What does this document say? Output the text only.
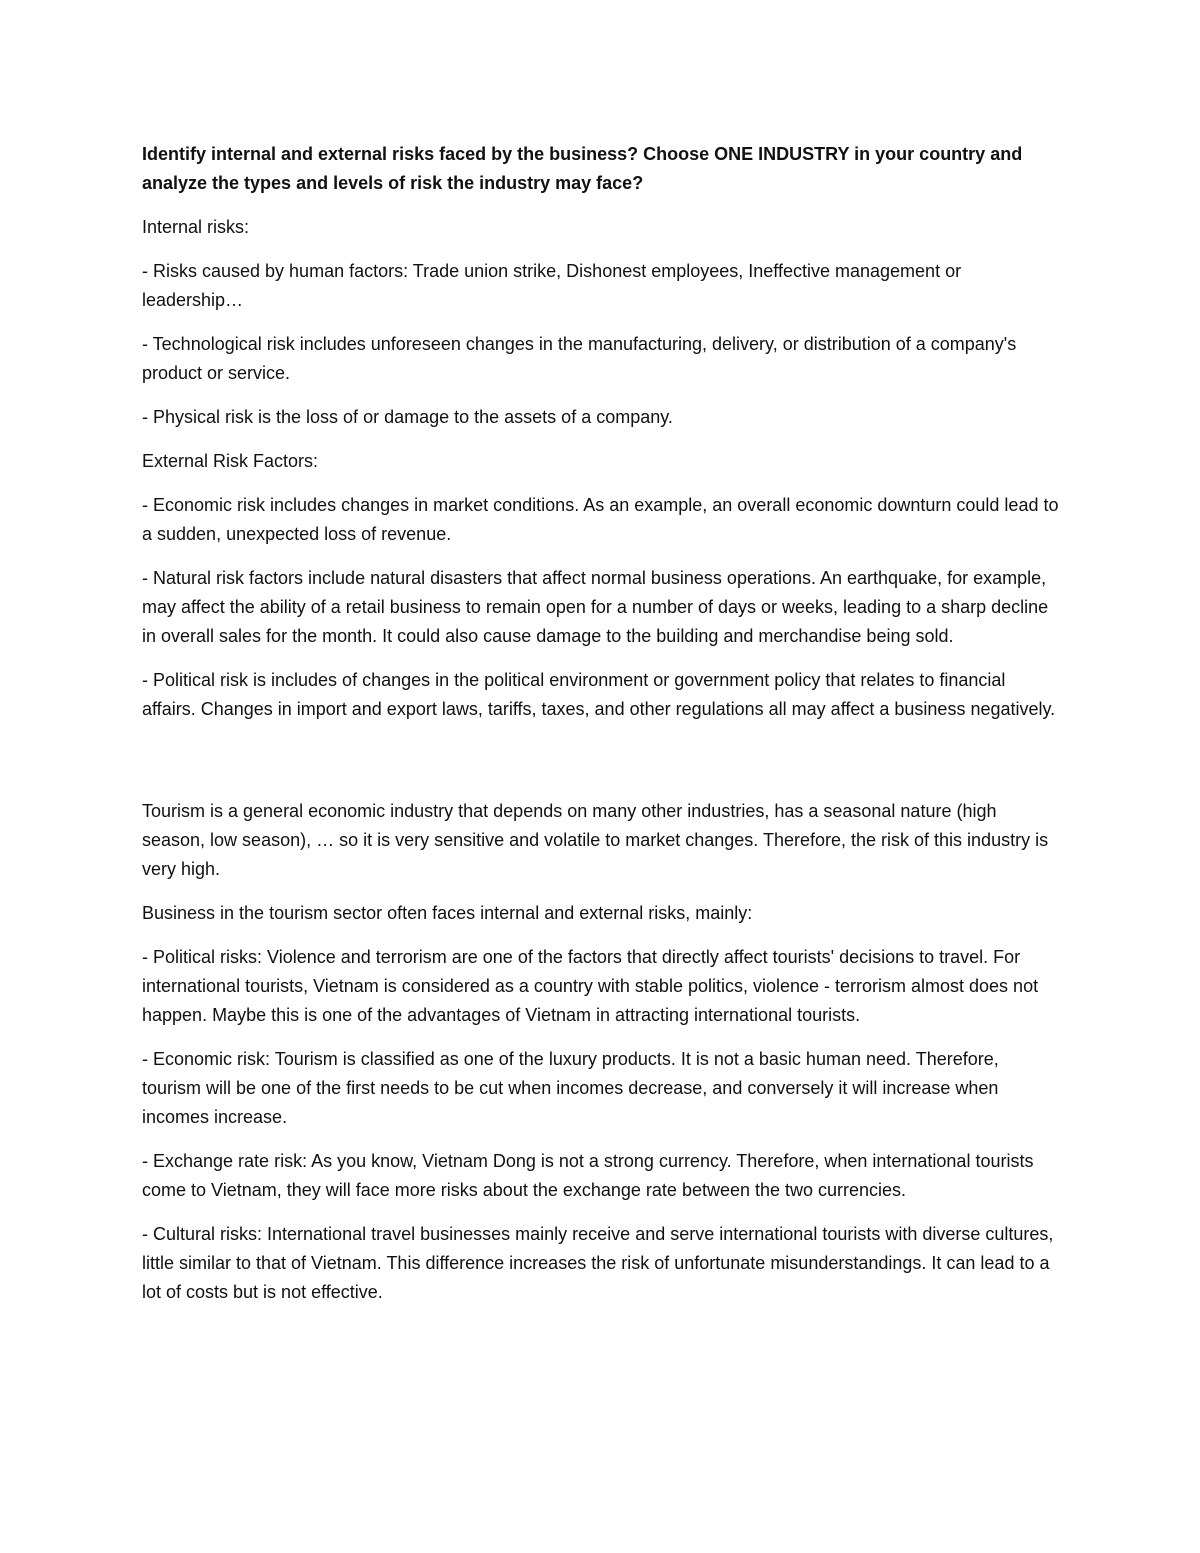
Identify internal and external risks faced by the business? Choose ONE INDUSTRY in your country and analyze the types and levels of risk the industry may face?

Internal risks:

- Risks caused by human factors: Trade union strike, Dishonest employees, Ineffective management or leadership…

- Technological risk includes unforeseen changes in the manufacturing, delivery, or distribution of a company's product or service.

- Physical risk is the loss of or damage to the assets of a company.

External Risk Factors:

- Economic risk includes changes in market conditions. As an example, an overall economic downturn could lead to a sudden, unexpected loss of revenue.

- Natural risk factors include natural disasters that affect normal business operations. An earthquake, for example, may affect the ability of a retail business to remain open for a number of days or weeks, leading to a sharp decline in overall sales for the month. It could also cause damage to the building and merchandise being sold.

- Political risk is includes of changes in the political environment or government policy that relates to financial affairs. Changes in import and export laws, tariffs, taxes, and other regulations all may affect a business negatively.

Tourism is a general economic industry that depends on many other industries, has a seasonal nature (high season, low season), … so it is very sensitive and volatile to market changes. Therefore, the risk of this industry is very high.

Business in the tourism sector often faces internal and external risks, mainly:

- Political risks: Violence and terrorism are one of the factors that directly affect tourists' decisions to travel. For international tourists, Vietnam is considered as a country with stable politics, violence - terrorism almost does not happen. Maybe this is one of the advantages of Vietnam in attracting international tourists.

- Economic risk: Tourism is classified as one of the luxury products. It is not a basic human need. Therefore, tourism will be one of the first needs to be cut when incomes decrease, and conversely it will increase when incomes increase.

- Exchange rate risk: As you know, Vietnam Dong is not a strong currency. Therefore, when international tourists come to Vietnam, they will face more risks about the exchange rate between the two currencies.

- Cultural risks: International travel businesses mainly receive and serve international tourists with diverse cultures, little similar to that of Vietnam. This difference increases the risk of unfortunate misunderstandings. It can lead to a lot of costs but is not effective.
